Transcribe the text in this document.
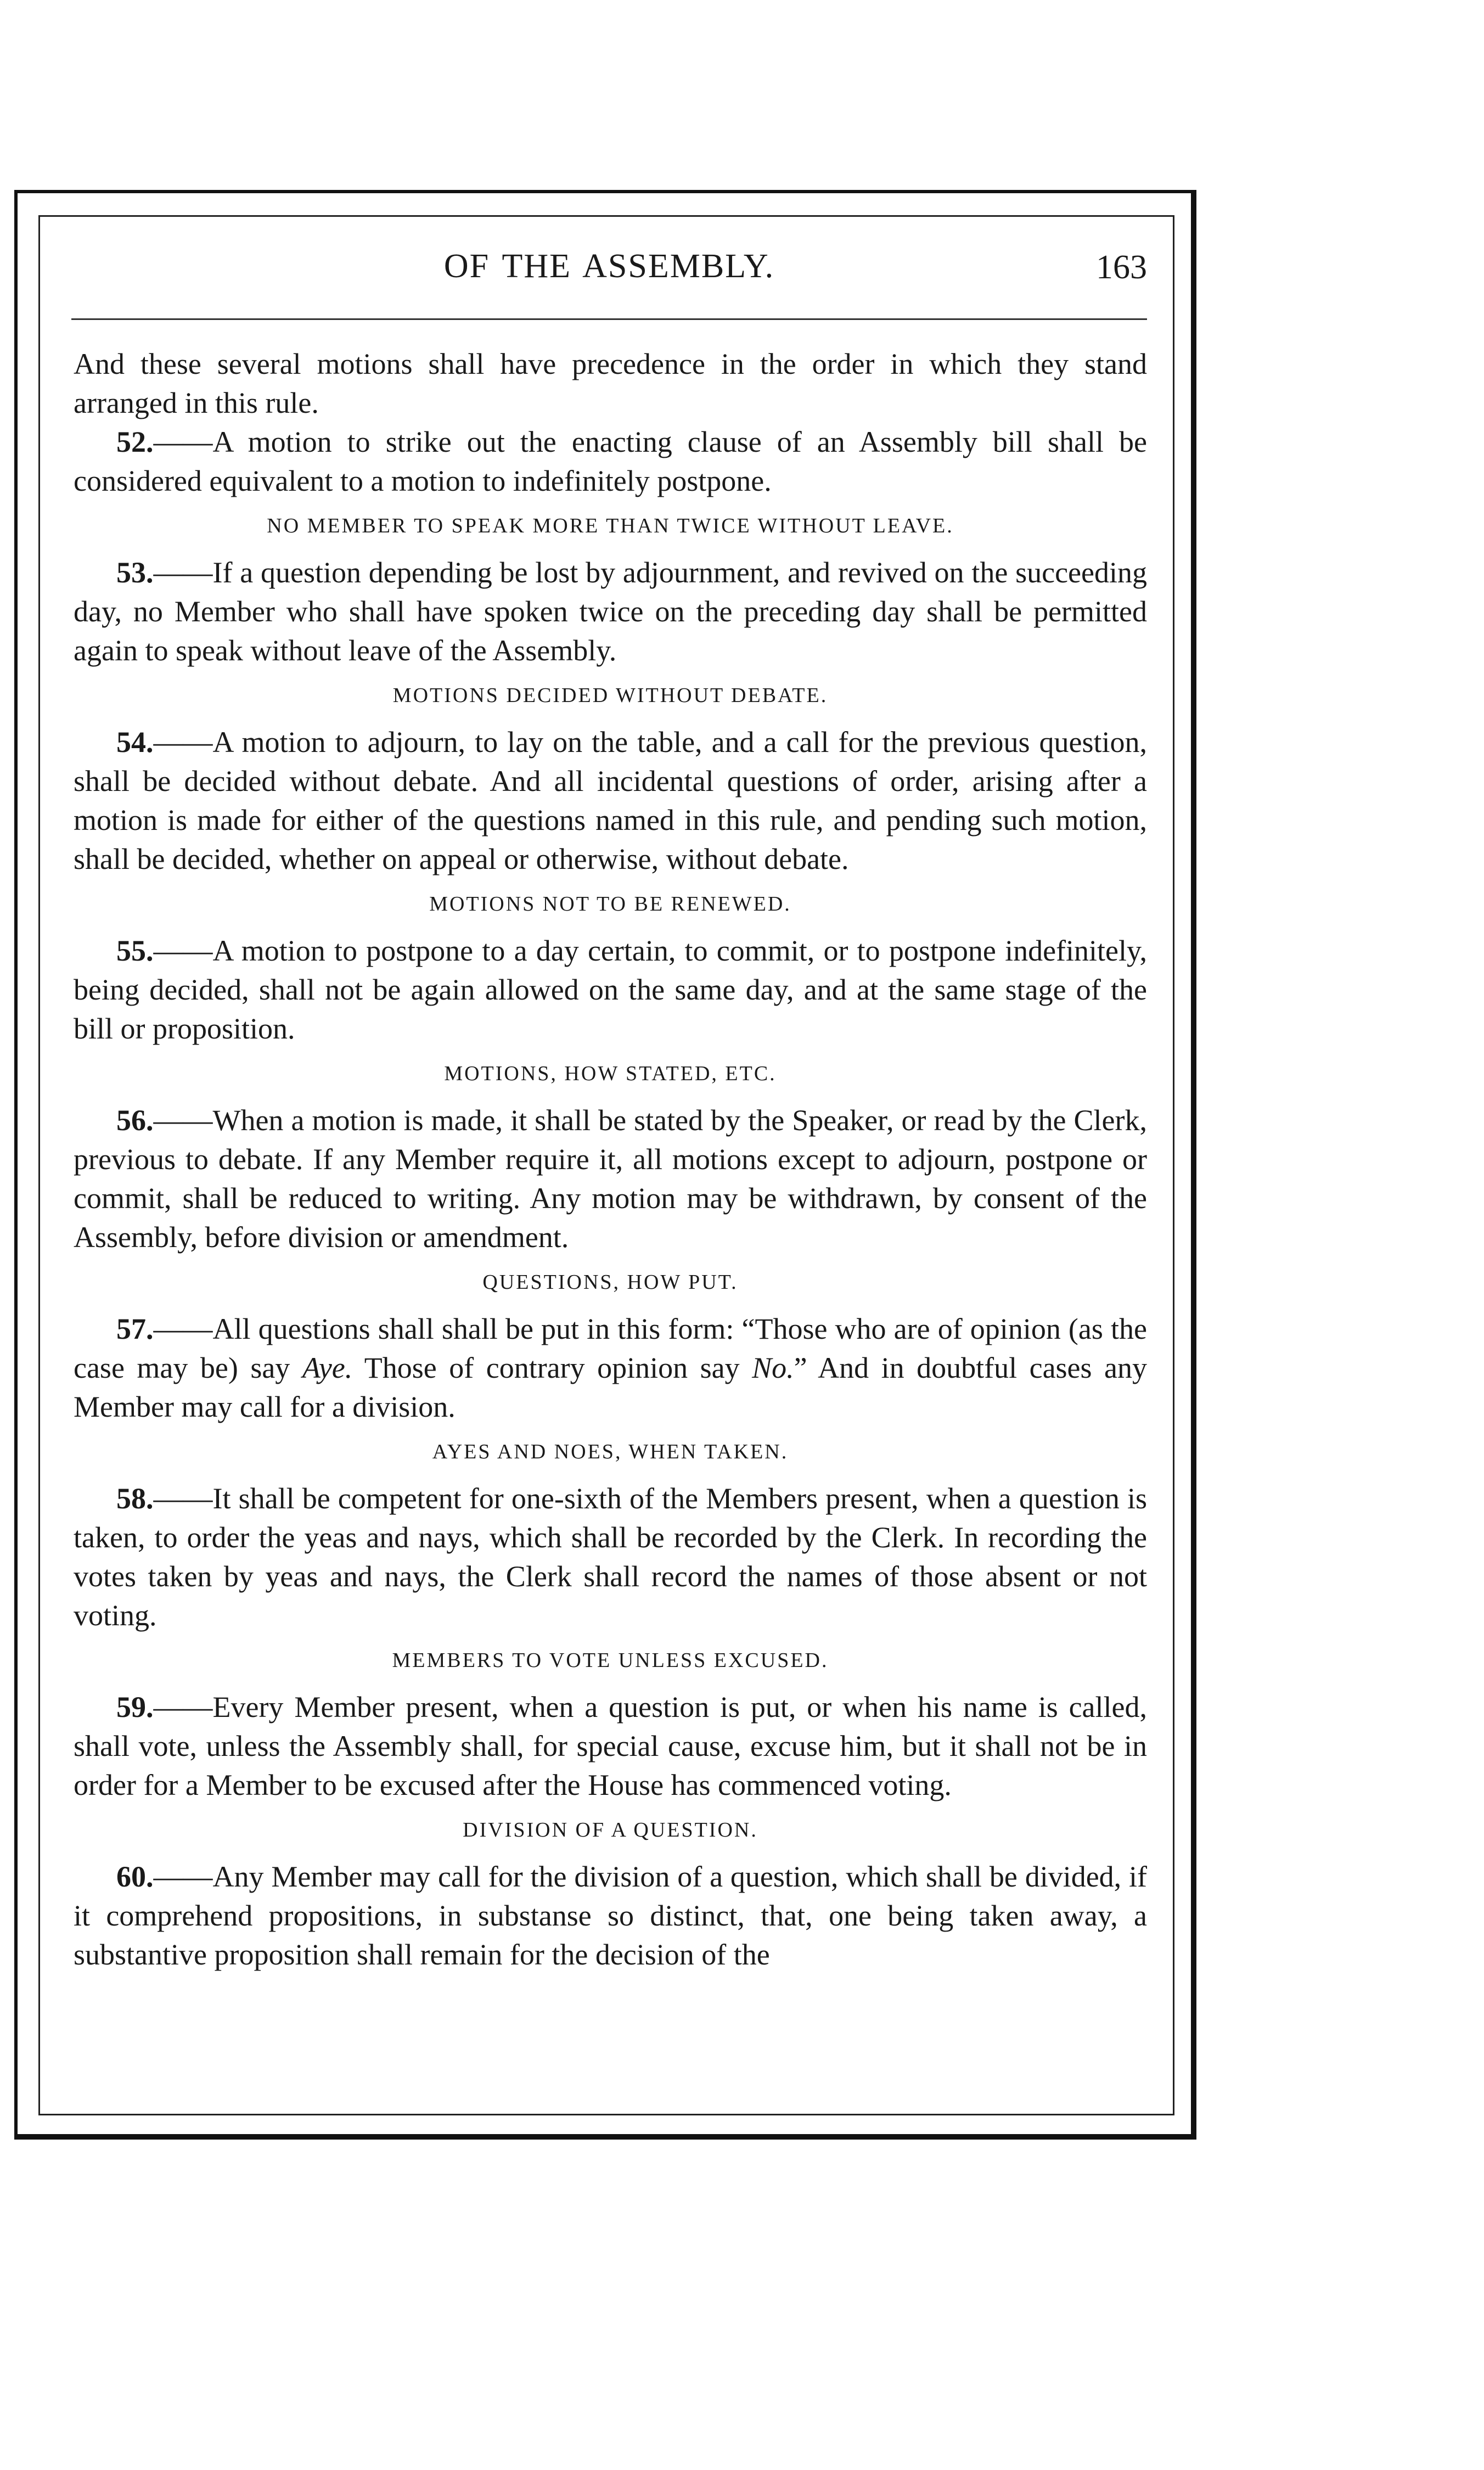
OF THE ASSEMBLY.	163

And these several motions shall have precedence in the order in which they stand arranged in this rule.

52.——A motion to strike out the enacting clause of an Assembly bill shall be considered equivalent to a motion to indefinitely postpone.

NO MEMBER TO SPEAK MORE THAN TWICE WITHOUT LEAVE.

53.——If a question depending be lost by adjournment, and revived on the succeeding day, no Member who shall have spoken twice on the preceding day shall be permitted again to speak without leave of the Assembly.

MOTIONS DECIDED WITHOUT DEBATE.

54.——A motion to adjourn, to lay on the table, and a call for the previous question, shall be decided without debate. And all incidental questions of order, arising after a motion is made for either of the questions named in this rule, and pending such motion, shall be decided, whether on appeal or otherwise, without debate.

MOTIONS NOT TO BE RENEWED.

55.——A motion to postpone to a day certain, to commit, or to postpone indefinitely, being decided, shall not be again allowed on the same day, and at the same stage of the bill or proposition.

MOTIONS, HOW STATED, ETC.

56.——When a motion is made, it shall be stated by the Speaker, or read by the Clerk, previous to debate. If any Member require it, all motions except to adjourn, postpone or commit, shall be reduced to writing. Any motion may be withdrawn, by consent of the Assembly, before division or amendment.

QUESTIONS, HOW PUT.

57.——All questions shall shall be put in this form: “Those who are of opinion (as the case may be) say Aye. Those of contrary opinion say No.” And in doubtful cases any Member may call for a division.

AYES AND NOES, WHEN TAKEN.

58.——It shall be competent for one-sixth of the Members present, when a question is taken, to order the yeas and nays, which shall be recorded by the Clerk. In recording the votes taken by yeas and nays, the Clerk shall record the names of those absent or not voting.

MEMBERS TO VOTE UNLESS EXCUSED.

59.——Every Member present, when a question is put, or when his name is called, shall vote, unless the Assembly shall, for special cause, excuse him, but it shall not be in order for a Member to be excused after the House has commenced voting.

DIVISION OF A QUESTION.

60.——Any Member may call for the division of a question, which shall be divided, if it comprehend propositions, in substanse so distinct, that, one being taken away, a substantive proposition shall remain for the decision of the
